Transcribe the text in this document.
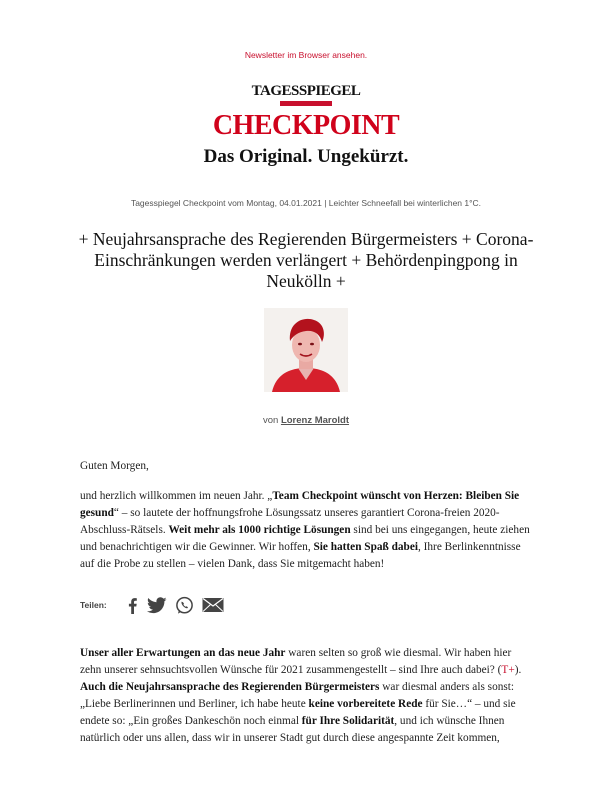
Newsletter im Browser ansehen.
TAGESSPIEGEL
CHECKPOINT
Das Original. Ungekürzt.
Tagesspiegel Checkpoint vom Montag, 04.01.2021 | Leichter Schneefall bei winterlichen 1°C.
+ Neujahrsansprache des Regierenden Bürgermeisters + Corona-Einschränkungen werden verlängert + Behördenpingpong in Neukölln +
von Lorenz Maroldt
Guten Morgen,
und herzlich willkommen im neuen Jahr. „Team Checkpoint wünscht von Herzen: Bleiben Sie gesund“ – so lautete der hoffnungsfrohe Lösungssatz unseres garantiert Corona-freien 2020-Abschluss-Rätsels. Weit mehr als 1000 richtige Lösungen sind bei uns eingegangen, heute ziehen und benachrichtigen wir die Gewinner. Wir hoffen, Sie hatten Spaß dabei, Ihre Berlinkenntnisse auf die Probe zu stellen – vielen Dank, dass Sie mitgemacht haben!
Teilen:
Unser aller Erwartungen an das neue Jahr waren selten so groß wie diesmal. Wir haben hier zehn unserer sehnsuchtsvollen Wünsche für 2021 zusammengestellt – sind Ihre auch dabei? (T+). Auch die Neujahrsansprache des Regierenden Bürgermeisters war diesmal anders als sonst: „Liebe Berlinerinnen und Berliner, ich habe heute keine vorbereitete Rede für Sie…“ – und sie endete so: „Ein großes Dankeschön noch einmal für Ihre Solidarität, und ich wünsche Ihnen natürlich oder uns allen, dass wir in unserer Stadt gut durch diese angespannte Zeit kommen,
